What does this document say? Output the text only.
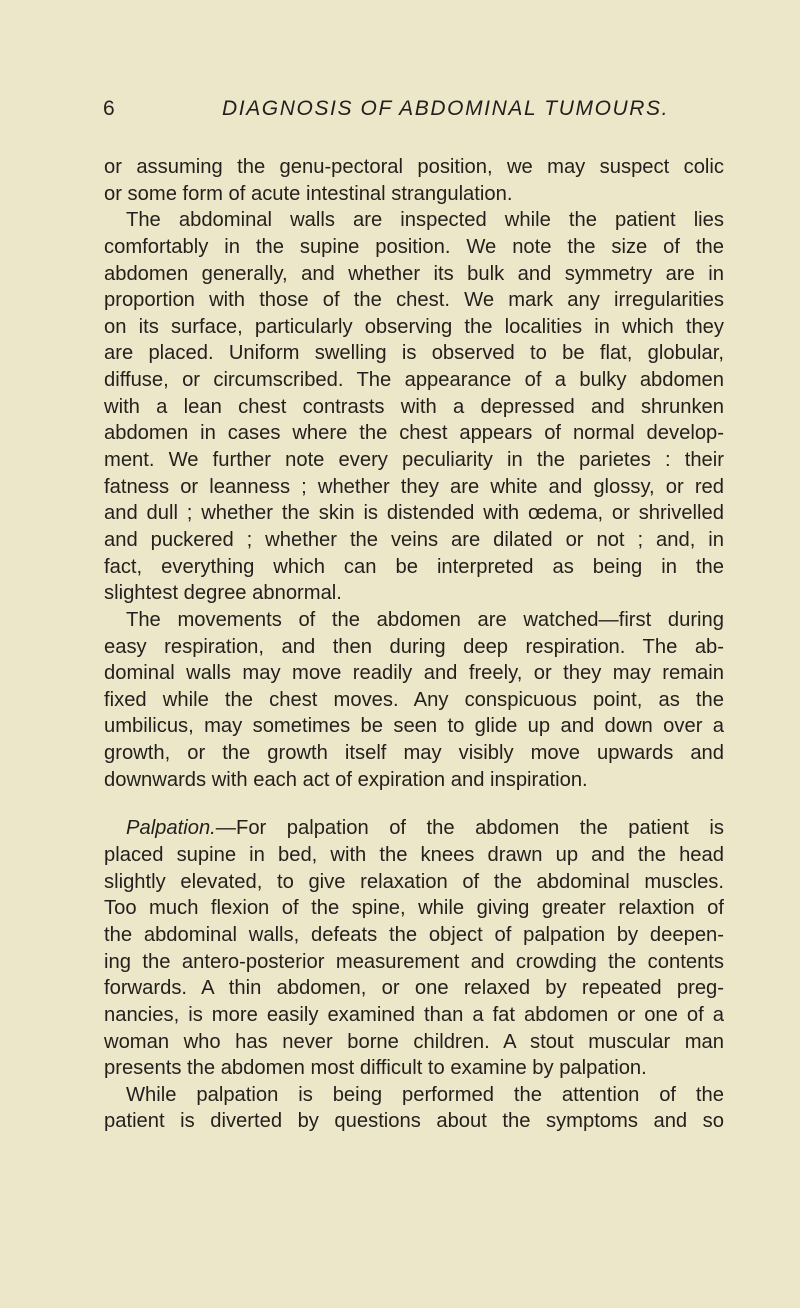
6	DIAGNOSIS OF ABDOMINAL TUMOURS.
or assuming the genu-pectoral position, we may suspect colic
or some form of acute intestinal strangulation.
The abdominal walls are inspected while the patient lies
comfortably in the supine position. We note the size of the
abdomen generally, and whether its bulk and symmetry are in
proportion with those of the chest. We mark any irregularities
on its surface, particularly observing the localities in which they
are placed. Uniform swelling is observed to be flat, globular,
diffuse, or circumscribed. The appearance of a bulky abdomen
with a lean chest contrasts with a depressed and shrunken
abdomen in cases where the chest appears of normal develop-
ment. We further note every peculiarity in the parietes : their
fatness or leanness ; whether they are white and glossy, or red
and dull ; whether the skin is distended with œdema, or shrivelled
and puckered ; whether the veins are dilated or not ; and, in
fact, everything which can be interpreted as being in the
slightest degree abnormal.
The movements of the abdomen are watched—first during
easy respiration, and then during deep respiration. The ab-
dominal walls may move readily and freely, or they may remain
fixed while the chest moves. Any conspicuous point, as the
umbilicus, may sometimes be seen to glide up and down over a
growth, or the growth itself may visibly move upwards and
downwards with each act of expiration and inspiration.
Palpation.—For palpation of the abdomen the patient is
placed supine in bed, with the knees drawn up and the head
slightly elevated, to give relaxation of the abdominal muscles.
Too much flexion of the spine, while giving greater relaxtion of
the abdominal walls, defeats the object of palpation by deepen-
ing the antero-posterior measurement and crowding the contents
forwards. A thin abdomen, or one relaxed by repeated preg-
nancies, is more easily examined than a fat abdomen or one of a
woman who has never borne children. A stout muscular man
presents the abdomen most difficult to examine by palpation.
While palpation is being performed the attention of the
patient is diverted by questions about the symptoms and so
